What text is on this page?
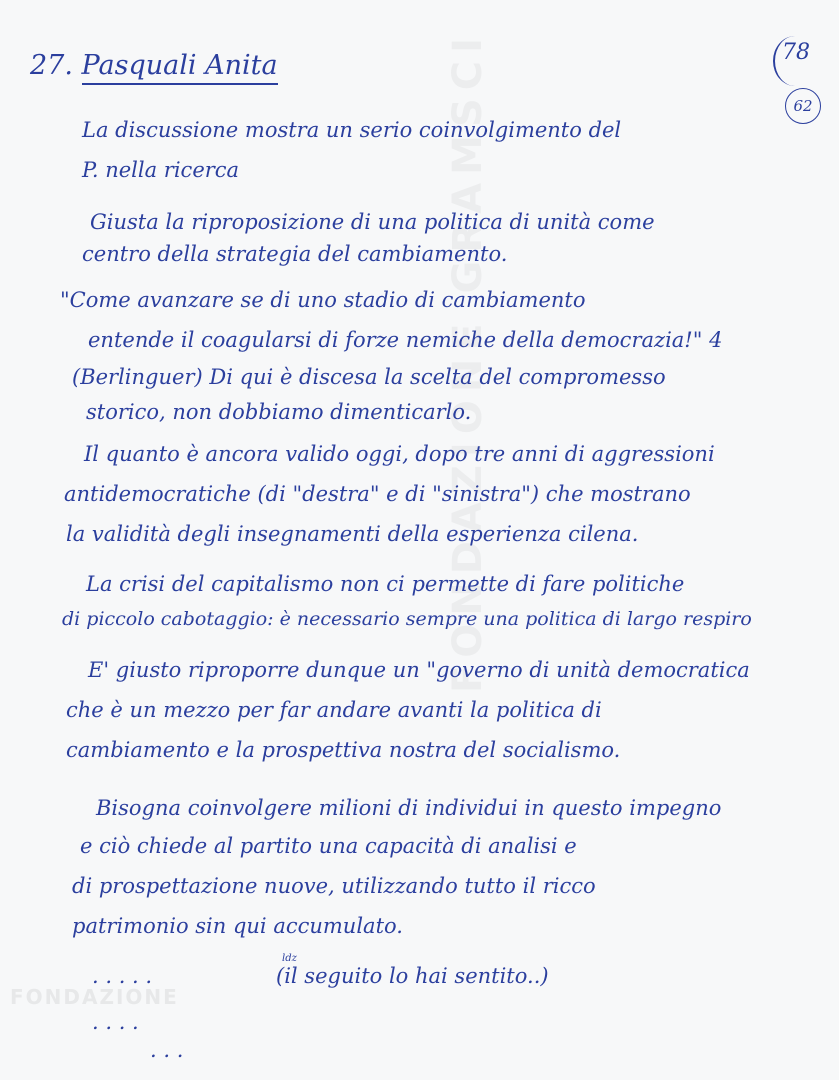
FONDAZIONE GRAMSCI
FONDAZIONE
27. Pasquali Anita	78
62
La discussione mostra un serio coinvolgimento del
P. nella ricerca
Giusta la riproposizione di una politica di unità come
centro della strategia del cambiamento.
"Come avanzare se di uno stadio di cambiamento
entende il coagularsi di forze nemiche della democrazia!" 4
(Berlinguer) Di qui è discesa la scelta del compromesso
storico, non dobbiamo dimenticarlo.
Il quanto è ancora valido oggi, dopo tre anni di aggressioni
antidemocratiche (di "destra" e di "sinistra") che mostrano
la validità degli insegnamenti della esperienza cilena.
La crisi del capitalismo non ci permette di fare politiche
di piccolo cabotaggio: è necessario sempre una politica di largo respiro
E' giusto riproporre dunque un "governo di unità democratica
che è un mezzo per far andare avanti la politica di
cambiamento e la prospettiva nostra del socialismo.
Bisogna coinvolgere milioni di individui in questo impegno
e ciò chiede al partito una capacità di analisi e
di prospettazione nuove, utilizzando tutto il ricco
patrimonio sin qui accumulato.
ldz
(il seguito lo hai sentito..)
. . . . .
. . . .
. . .
